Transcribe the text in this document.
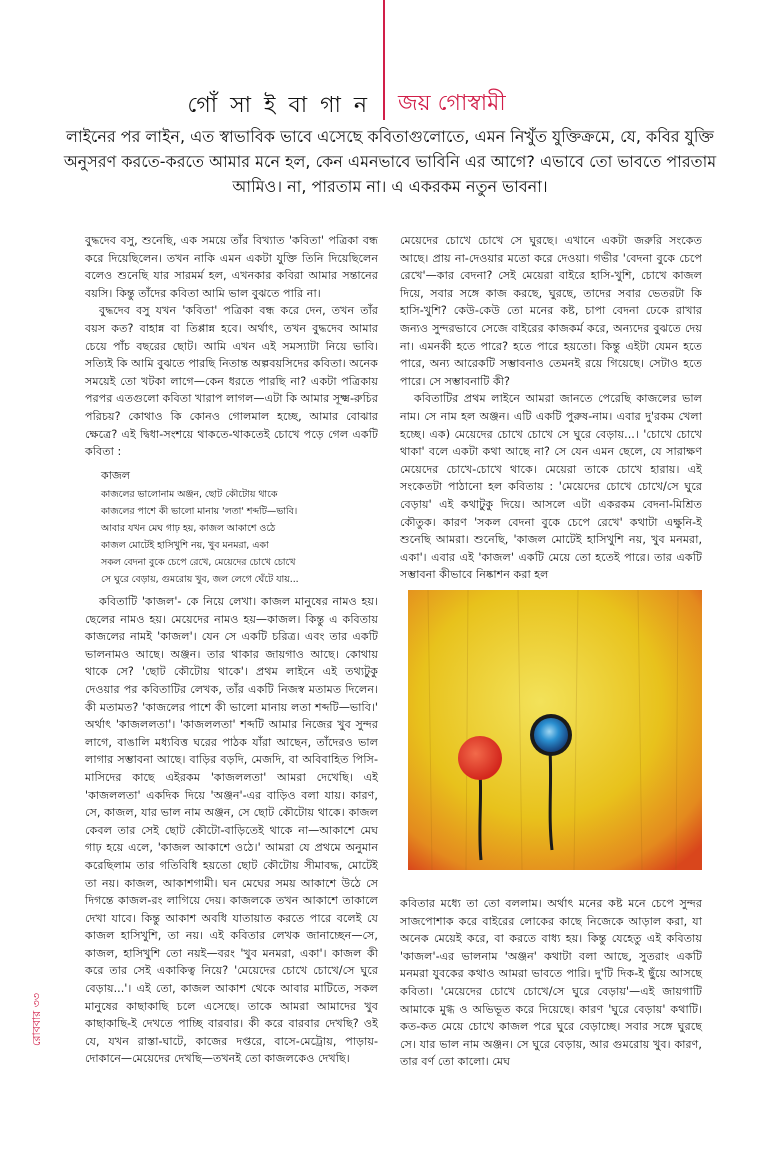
গোঁ সা ই বা গা ন জয় গোস্বামী
লাইনের পর লাইন, এত স্বাভাবিক ভাবে এসেছে কবিতাগুলোতে, এমন নিখুঁত যুক্তিক্রমে, যে, কবির যুক্তি অনুসরণ করতে-করতে আমার মনে হল, কেন এমনভাবে ভাবিনি এর আগে? এভাবে তো ভাবতে পারতাম আমিও। না, পারতাম না। এ একরকম নতুন ভাবনা।

বুদ্ধদেব বসু, শুনেছি, এক সময়ে তাঁর বিখ্যাত 'কবিতা' পত্রিকা বন্ধ করে দিয়েছিলেন। তখন নাকি এমন একটা যুক্তি তিনি দিয়েছিলেন বলেও শুনেছি যার সারমর্ম হল, এখনকার কবিরা আমার সন্তানের বয়সি। কিন্তু তাঁদের কবিতা আমি ভাল বুঝতে পারি না।

বুদ্ধদেব বসু যখন 'কবিতা' পত্রিকা বন্ধ করে দেন, তখন তাঁর বয়স কত? বাহান্ন বা তিপ্পান্ন হবে। অর্থাৎ, তখন বুদ্ধদেব আমার চেয়ে পাঁচ বছরের ছোট। আমি এখন এই সমস্যাটা নিয়ে ভাবি। সত্যিই কি আমি বুঝতে পারছি নিতান্ত অল্পবয়সিদের কবিতা। অনেক সময়েই তো খটকা লাগে—কেন ধরতে পারছি না? একটা পত্রিকায় পরপর এতগুলো কবিতা খারাপ লাগল—এটা কি আমার সূক্ষ্ম-রুচির পরিচয়? কোথাও কি কোনও গোলমাল হচ্ছে, আমার বোঝার ক্ষেত্রে? এই দ্বিধা-সংশয়ে থাকতে-থাকতেই চোখে পড়ে গেল একটি কবিতা :

কাজল

কাজলের ভালোনাম অঞ্জন, ছোট কৌটোয় থাকে
কাজলের পাশে কী ভালো মানায় 'লতা' শব্দটি—ভাবি।
আবার যখন মেঘ গাঢ় হয়, কাজল আকাশে ওঠে
কাজল মোটেই হাসিখুশি নয়, খুব মনমরা, একা
সকল বেদনা বুকে চেপে রেখে, মেয়েদের চোখে চোখে
সে ঘুরে বেড়ায়, গুমরোয় খুব, জল লেগে ঘেঁটে যায়...

কবিতাটি 'কাজল'- কে নিয়ে লেখা। কাজল মানুষের নামও হয়। ছেলের নামও হয়। মেয়েদের নামও হয়—কাজল। কিন্তু এ কবিতায় কাজলের নামই 'কাজল'। যেন সে একটি চরিত্র। এবং তার একটি ভালনামও আছে। অঞ্জন। তার থাকার জায়গাও আছে। কোথায় থাকে সে? 'ছোট কৌটোয় থাকে'। প্রথম লাইনে এই তথ্যটুকু দেওয়ার পর কবিতাটির লেখক, তাঁর একটি নিজস্ব মতামত দিলেন। কী মতামত? 'কাজলের পাশে কী ভালো মানায় লতা শব্দটি—ভাবি।' অর্থাৎ 'কাজললতা'। 'কাজললতা' শব্দটি আমার নিজের খুব সুন্দর লাগে, বাঙালি মধ্যবিত্ত ঘরের পাঠক যাঁরা আছেন, তাঁদেরও ভাল লাগার সম্ভাবনা আছে। বাড়ির বড়দি, মেজদি, বা অবিবাহিত পিসি-মাসিদের কাছে এইরকম 'কাজললতা' আমরা দেখেছি। এই 'কাজললতা' একদিক দিয়ে 'অঞ্জন'-এর বাড়িও বলা যায়। কারণ, সে, কাজল, যার ভাল নাম অঞ্জন, সে ছোট কৌটোয় থাকে। কাজল কেবল তার সেই ছোট কৌটো-বাড়িতেই থাকে না—আকাশে মেঘ গাঢ় হয়ে এলে, 'কাজল আকাশে ওঠে।' আমরা যে প্রথমে অনুমান করেছিলাম তার গতিবিধি হয়তো ছোট কৌটোয় সীমাবদ্ধ, মোটেই তা নয়। কাজল, আকাশগামী। ঘন মেঘের সময় আকাশে উঠে সে দিগন্তে কাজল-রং লাগিয়ে দেয়। কাজলকে তখন আকাশে তাকালে দেখা যাবে। কিন্তু আকাশ অবধি যাতায়াত করতে পারে বলেই যে কাজল হাসিখুশি, তা নয়। এই কবিতার লেখক জানাচ্ছেন—সে, কাজল, হাসিখুশি তো নয়ই—বরং 'খুব মনমরা, একা'। কাজল কী করে তার সেই একাকিত্ব নিয়ে? 'মেয়েদের চোখে চোখে/সে ঘুরে বেড়ায়...'। এই তো, কাজল আকাশ থেকে আবার মাটিতে, সকল মানুষের কাছাকাছি চলে এসেছে। তাকে আমরা আমাদের খুব কাছাকাছি-ই দেখতে পাচ্ছি বারবার। কী করে বারবার দেখছি? ওই যে, যখন রাস্তা-ঘাটে, কাজের দপ্তরে, বাসে-মেট্রোয়, পাড়ায়-দোকানে—মেয়েদের দেখছি—তখনই তো কাজলকেও দেখছি।

মেয়েদের চোখে চোখে সে ঘুরছে। এখানে একটা জরুরি সংকেত আছে। প্রায় না-দেওয়ার মতো করে দেওয়া। গভীর 'বেদনা বুকে চেপে রেখে'—কার বেদনা? সেই মেয়েরা বাইরে হাসি-খুশি, চোখে কাজল দিয়ে, সবার সঙ্গে কাজ করছে, ঘুরছে, তাদের সবার ভেতরটা কি হাসি-খুশি? কেউ-কেউ তো মনের কষ্ট, চাপা বেদনা ঢেকে রাখার জন্যও সুন্দরভাবে সেজে বাইরের কাজকর্ম করে, অন্যদের বুঝতে দেয় না। এমনকী হতে পারে? হতে পারে হয়তো। কিন্তু এইটা যেমন হতে পারে, অন্য আরেকটি সম্ভাবনাও তেমনই রয়ে গিয়েছে। সেটাও হতে পারে। সে সম্ভাবনাটি কী?

কবিতাটির প্রথম লাইনে আমরা জানতে পেরেছি কাজলের ভাল নাম। সে নাম হল অঞ্জন। এটি একটি পুরুষ-নাম। এবার দু'রকম খেলা হচ্ছে। এক) মেয়েদের চোখে চোখে সে ঘুরে বেড়ায়...। 'চোখে চোখে থাকা' বলে একটা কথা আছে না? সে যেন এমন ছেলে, যে সারাক্ষণ মেয়েদের চোখে-চোখে থাকে। মেয়েরা তাকে চোখে হারায়। এই সংকেতটা পাঠানো হল কবিতায় : 'মেয়েদের চোখে চোখে/সে ঘুরে বেড়ায়' এই কথাটুকু দিয়ে। আসলে এটা একরকম বেদনা-মিশ্রিত কৌতুক। কারণ 'সকল বেদনা বুকে চেপে রেখে' কথাটা এক্ষুনি-ই শুনেছি আমরা। শুনেছি, 'কাজল মোটেই হাসিখুশি নয়, খুব মনমরা, একা'। এবার এই 'কাজল' একটি মেয়ে তো হতেই পারে। তার একটি সম্ভাবনা কীভাবে নিষ্কাশন করা হল

কবিতার মধ্যে তা তো বললাম। অর্থাৎ মনের কষ্ট মনে চেপে সুন্দর সাজপোশাক করে বাইরের লোকের কাছে নিজেকে আড়াল করা, যা অনেক মেয়েই করে, বা করতে বাধ্য হয়। কিন্তু যেহেতু এই কবিতায় 'কাজল'-এর ভালনাম 'অঞ্জন' কথাটা বলা আছে, সুতরাং একটি মনমরা যুবকের কথাও আমরা ভাবতে পারি। দু'টি দিক-ই ছুঁয়ে আসছে কবিতা। 'মেয়েদের চোখে চোখে/সে ঘুরে বেড়ায়'—এই জায়গাটি আমাকে মুগ্ধ ও অভিভূত করে দিয়েছে। কারণ 'ঘুরে বেড়ায়' কথাটি। কত-কত মেয়ে চোখে কাজল পরে ঘুরে বেড়াচ্ছে। সবার সঙ্গে ঘুরছে সে। যার ভাল নাম অঞ্জন। সে ঘুরে বেড়ায়, আর গুমরোয় খুব। কারণ, তার বর্ণ তো কালো। মেঘ

রোববার ৩৩
